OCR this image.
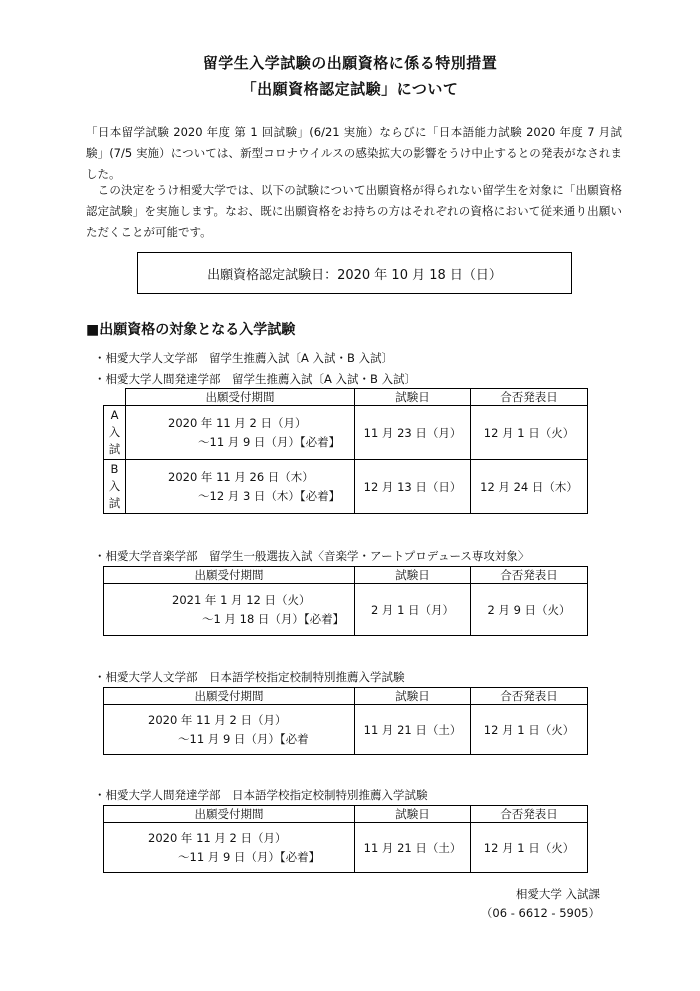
留学生入学試験の出願資格に係る特別措置
「出願資格認定試験」について
「日本留学試験 2020 年度 第 1 回試験」(6/21 実施）ならびに「日本語能力試験 2020 年度 7 月試験」(7/5 実施）については、新型コロナウイルスの感染拡大の影響をうけ中止するとの発表がなされました。
　この決定をうけ相愛大学では、以下の試験について出願資格が得られない留学生を対象に「出願資格認定試験」を実施します。なお、既に出願資格をお持ちの方はそれぞれの資格において従来通り出願いただくことが可能です。
出願資格認定試験日：2020 年 10 月 18 日（日）
■出願資格の対象となる入学試験
・相愛大学人文学部　留学生推薦入試〔A 入試・B 入試〕
・相愛大学人間発達学部　留学生推薦入試〔A 入試・B 入試〕
	出願受付期間	試験日	合否発表日
A
入
試	2020 年 11 月 2 日（月）

～11 月 9 日（月）【必着】	11 月 23 日（月）	12 月 1 日（火）
B
入
試	2020 年 11 月 26 日（木）

～12 月 3 日（木）【必着】	12 月 13 日（日）	12 月 24 日（木）
・相愛大学音楽学部　留学生一般選抜入試〈音楽学・アートプロデュース専攻対象〉
出願受付期間	試験日	合否発表日
2021 年 1 月 12 日（火）
～1 月 18 日（月）【必着】	2 月 1 日（月）	2 月 9 日（火）
・相愛大学人文学部　日本語学校指定校制特別推薦入学試験
出願受付期間	試験日	合否発表日
2020 年 11 月 2 日（月）
～11 月 9 日（月）【必着	11 月 21 日（土）	12 月 1 日（火）
・相愛大学人間発達学部　日本語学校指定校制特別推薦入学試験
出願受付期間	試験日	合否発表日
2020 年 11 月 2 日（月）
～11 月 9 日（月）【必着】	11 月 21 日（土）	12 月 1 日（火）
相愛大学 入試課
（06 - 6612 - 5905）
